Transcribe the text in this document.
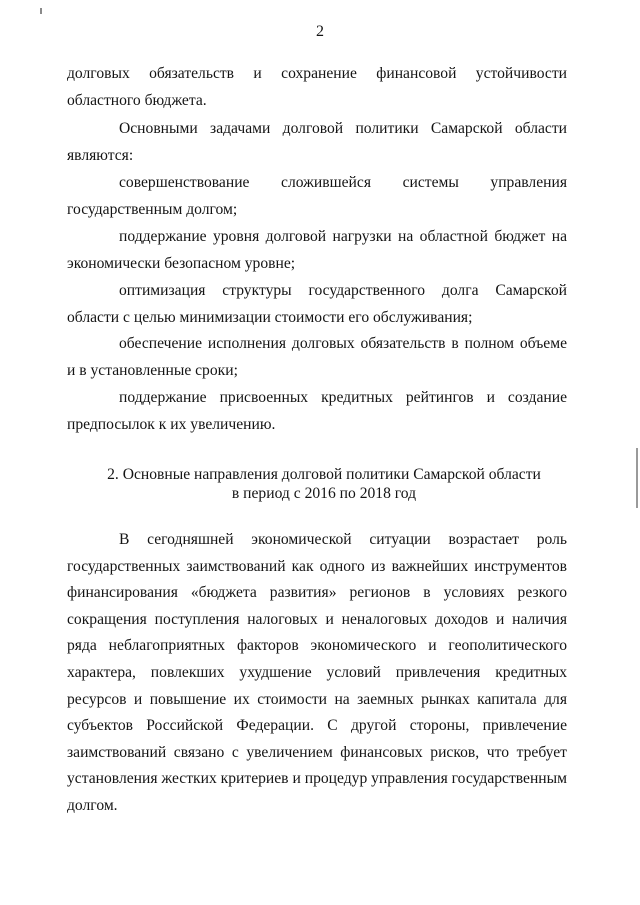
2

долговых обязательств и сохранение финансовой устойчивости областного бюджета.

Основными задачами долговой политики Самарской области являются:

совершенствование сложившейся системы управления
государственным долгом;

поддержание уровня долговой нагрузки на областной бюджет на экономически безопасном уровне;

оптимизация структуры государственного долга Самарской области с целью минимизации стоимости его обслуживания;

обеспечение исполнения долговых обязательств в полном объеме и в установленные сроки;

поддержание присвоенных кредитных рейтингов и создание предпосылок к их увеличению.

2. Основные направления долговой политики Самарской области
в период с 2016 по 2018 год

В сегодняшней экономической ситуации возрастает роль государственных заимствований как одного из важнейших инструментов финансирования «бюджета развития» регионов в условиях резкого сокращения поступления налоговых и неналоговых доходов и наличия ряда неблагоприятных факторов экономического и геополитического характера, повлекших ухудшение условий привлечения кредитных ресурсов и повышение их стоимости на заемных рынках капитала для субъектов Российской Федерации. С другой стороны, привлечение заимствований связано с увеличением финансовых рисков, что требует установления жестких критериев и процедур управления государственным долгом.
